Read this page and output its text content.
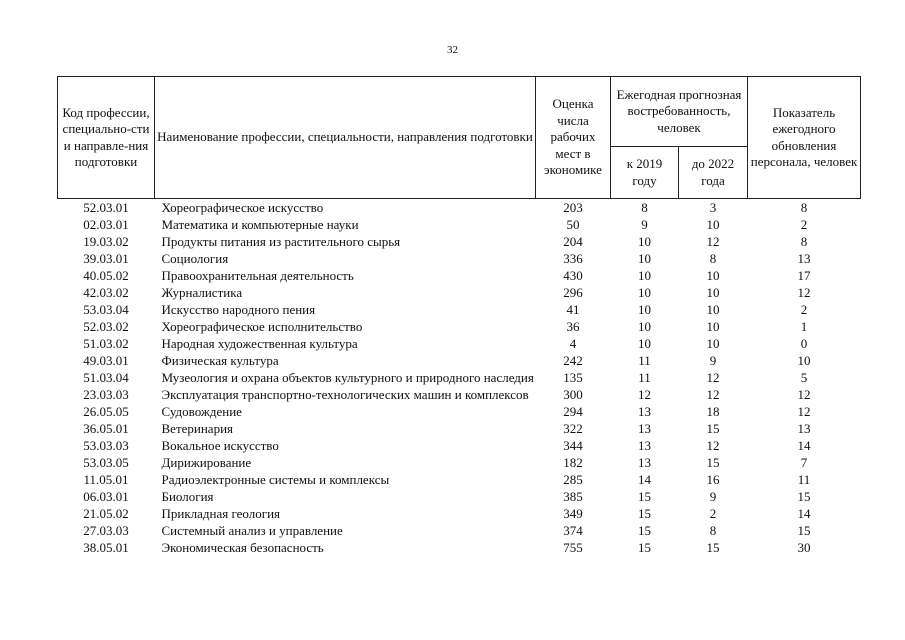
32
Код профессии, специально-сти и направле-ния подготовки	Наименование профессии, специальности, направления подготовки	Оценка числа рабочих мест в экономике	Ежегодная прогнозная востребованность, человек		Показатель ежегодного обновления персонала, человек
			к 2019 году	до 2022 года	
52.03.01	Хореографическое искусство	203	8	3	8
02.03.01	Математика и компьютерные науки	50	9	10	2
19.03.02	Продукты питания из растительного сырья	204	10	12	8
39.03.01	Социология	336	10	8	13
40.05.02	Правоохранительная деятельность	430	10	10	17
42.03.02	Журналистика	296	10	10	12
53.03.04	Искусство народного пения	41	10	10	2
52.03.02	Хореографическое исполнительство	36	10	10	1
51.03.02	Народная художественная культура	4	10	10	0
49.03.01	Физическая культура	242	11	9	10
51.03.04	Музеология и охрана объектов культурного и природного наследия	135	11	12	5
23.03.03	Эксплуатация транспортно-технологических машин и комплексов	300	12	12	12
26.05.05	Судовождение	294	13	18	12
36.05.01	Ветеринария	322	13	15	13
53.03.03	Вокальное искусство	344	13	12	14
53.03.05	Дирижирование	182	13	15	7
11.05.01	Радиоэлектронные системы и комплексы	285	14	16	11
06.03.01	Биология	385	15	9	15
21.05.02	Прикладная геология	349	15	2	14
27.03.03	Системный анализ и управление	374	15	8	15
38.05.01	Экономическая безопасность	755	15	15	30
